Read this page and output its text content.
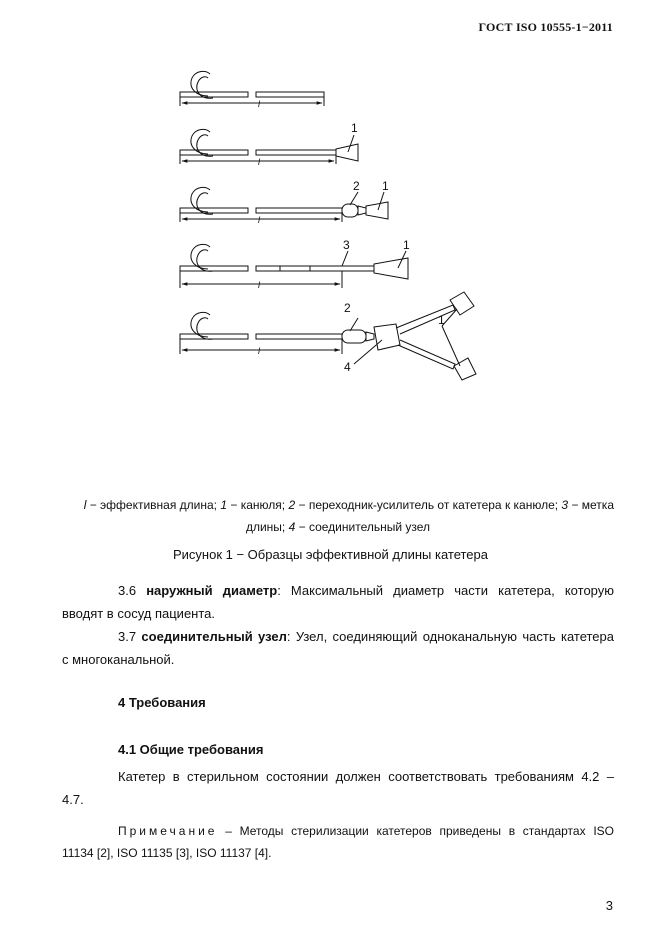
ГОСТ ISO 10555-1−2011
l
l
l
l
l
1
2 1
3	1
2
1
4
l − эффективная длина; 1 − канюля; 2 − переходник-усилитель от катетера к канюле; 3 − метка
длины; 4 − соединительный узел
Рисунок 1 − Образцы эффективной длины катетера
3.6 наружный диаметр: Максимальный диаметр части катетера, которую
вводят в сосуд пациента.
3.7 соединительный узел: Узел, соединяющий одноканальную часть катетера
с многоканальной.
4 Требования
4.1 Общие требования
Катетер в стерильном состоянии должен соответствовать требованиям 4.2 –
4.7.
Примечание – Методы стерилизации катетеров приведены в стандартах ISO
11134 [2], ISO 11135 [3], ISO 11137 [4].
3
